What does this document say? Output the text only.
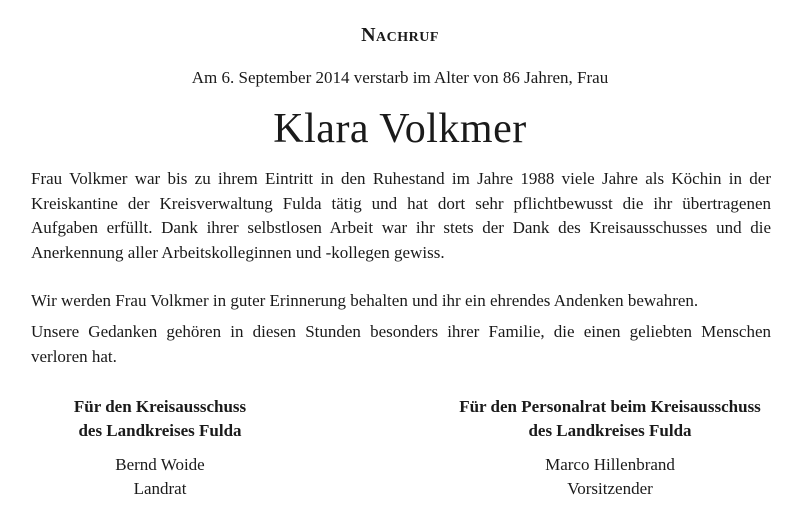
Nachruf
Am 6. September 2014 verstarb im Alter von 86 Jahren, Frau
Klara Volkmer

Frau Volkmer war bis zu ihrem Eintritt in den Ruhestand im Jahre 1988 viele Jahre als Köchin in der Kreiskantine der Kreisverwaltung Fulda tätig und hat dort sehr pflichtbewusst die ihr übertragenen Aufgaben erfüllt. Dank ihrer selbstlosen Arbeit war ihr stets der Dank des Kreisausschusses und die Anerkennung aller Arbeitskolleginnen und -kollegen gewiss.

Wir werden Frau Volkmer in guter Erinnerung behalten und ihr ein ehrendes Andenken bewahren.

Unsere Gedanken gehören in diesen Stunden besonders ihrer Familie, die einen geliebten Menschen verloren hat.

Für den Kreisausschuss
des Landkreises Fulda
Bernd Woide
Landrat
Für den Personalrat beim Kreisausschuss
des Landkreises Fulda
Marco Hillenbrand
Vorsitzender
